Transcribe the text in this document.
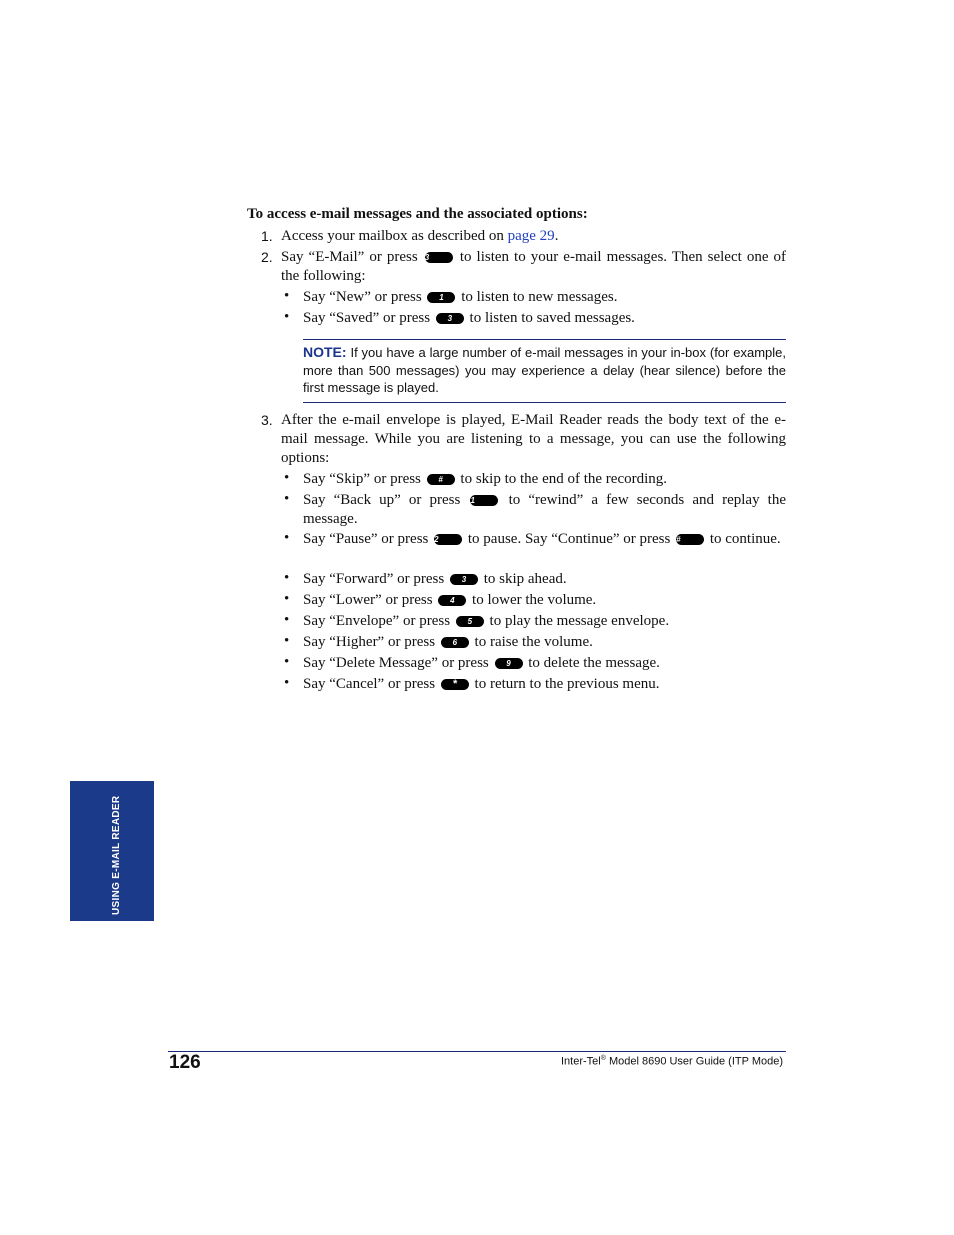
To access e-mail messages and the associated options:
1. Access your mailbox as described on page 29.
2. Say “E-Mail” or press 3 to listen to your e-mail messages. Then select one of the following:
• Say “New” or press 1 to listen to new messages.
• Say “Saved” or press 3 to listen to saved messages.
NOTE: If you have a large number of e-mail messages in your in-box (for example, more than 500 messages) you may experience a delay (hear silence) before the first message is played.
3. After the e-mail envelope is played, E-Mail Reader reads the body text of the e-mail message. While you are listening to a message, you can use the following options:
• Say “Skip” or press # to skip to the end of the recording.
• Say “Back up” or press 1 to “rewind” a few seconds and replay the message.
• Say “Pause” or press 2 to pause. Say “Continue” or press # to continue.
• Say “Forward” or press 3 to skip ahead.
• Say “Lower” or press 4 to lower the volume.
• Say “Envelope” or press 5 to play the message envelope.
• Say “Higher” or press 6 to raise the volume.
• Say “Delete Message” or press 9 to delete the message.
• Say “Cancel” or press * to return to the previous menu.
USING E-MAIL READER
126	Inter-Tel® Model 8690 User Guide (ITP Mode)
